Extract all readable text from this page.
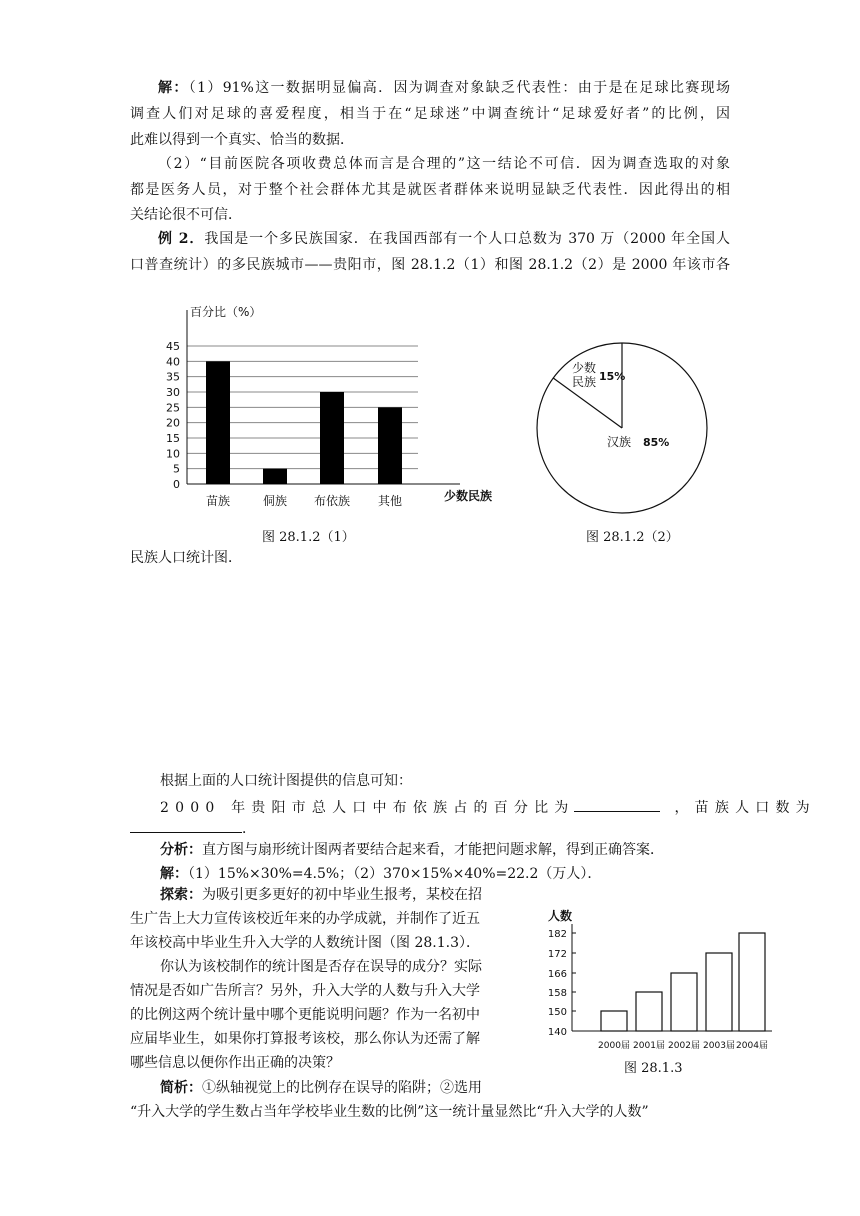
解：（1）91%这一数据明显偏高．因为调查对象缺乏代表性：由于是在足球比赛现场
调查人们对足球的喜爱程度，相当于在“足球迷”中调查统计“足球爱好者”的比例，因
此难以得到一个真实、恰当的数据．
（2）“目前医院各项收费总体而言是合理的”这一结论不可信．因为调查选取的对象
都是医务人员，对于整个社会群体尤其是就医者群体来说明显缺乏代表性．因此得出的相
关结论很不可信．
例 2．我国是一个多民族国家．在我国西部有一个人口总数为 370 万（2000 年全国人
口普查统计）的多民族城市——贵阳市，图 28.1.2（1）和图 28.1.2（2）是 2000 年该市各
百分比（%）
0
5
10
15
20
25
30
35
40
45
苗族	侗族 布依族 其他	少数民族
图 28.1.2（1）
少数
民族 15%
汉族 85%
图 28.1.2（2）
民族人口统计图．
根据上面的人口统计图提供的信息可知：
2000 年贵阳市总人口中布依族占的百分比为	，苗族人口数为
．
分析：直方图与扇形统计图两者要结合起来看，才能把问题求解，得到正确答案．
解：（1）15%×30%=4.5%；（2）370×15%×40%=22.2（万人）．
探索：为吸引更多更好的初中毕业生报考，某校在招
生广告上大力宣传该校近年来的办学成就，并制作了近五
年该校高中毕业生升入大学的人数统计图（图 28.1.3）．
你认为该校制作的统计图是否存在误导的成分？实际
情况是否如广告所言？另外，升入大学的人数与升入大学
的比例这两个统计量中哪个更能说明问题？作为一名初中
应届毕业生，如果你打算报考该校，那么你认为还需了解
哪些信息以便你作出正确的决策？
人数
140
150
158
166
172
182
2000届 2001届 2002届 2003届 2004届
图 28.1.3
简析：①纵轴视觉上的比例存在误导的陷阱；②选用
“升入大学的学生数占当年学校毕业生数的比例”这一统计量显然比“升入大学的人数”
